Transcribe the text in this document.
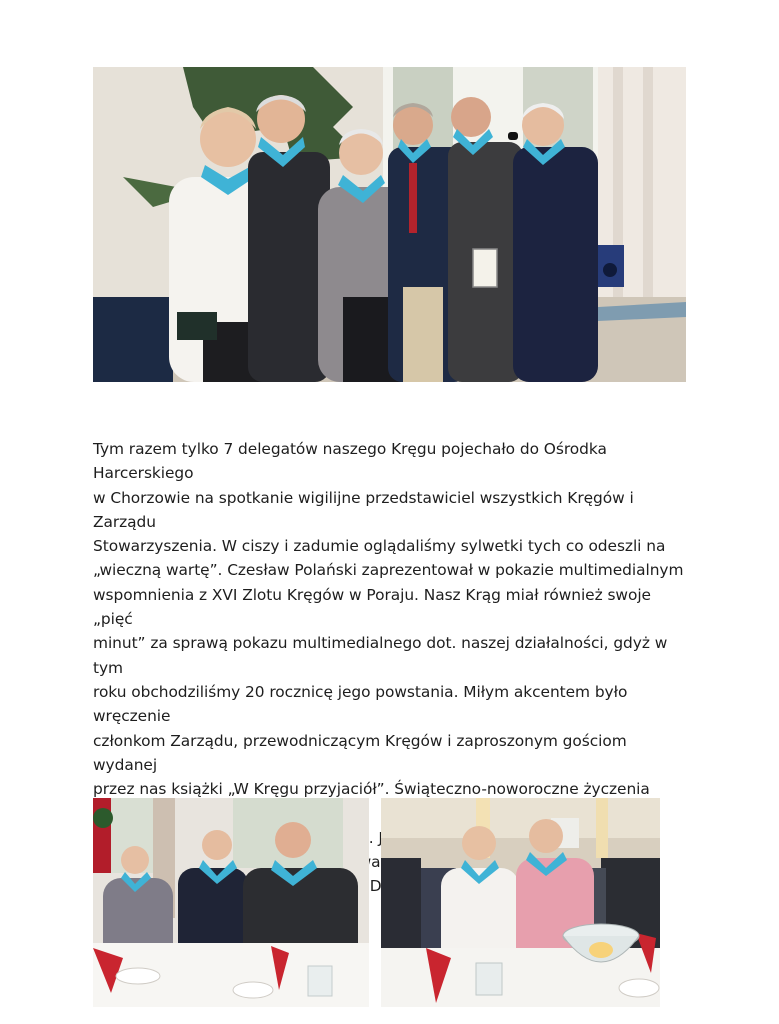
Tym razem tylko 7 delegatów naszego Kręgu pojechało do Ośrodka Harcerskiego
w Chorzowie na spotkanie wigilijne przedstawiciel wszystkich Kręgów i Zarządu
Stowarzyszenia. W ciszy i zadumie oglądaliśmy sylwetki tych co odeszli na
„wieczną wartę”. Czesław Polański zaprezentował w pokazie multimedialnym
wspomnienia z XVI Zlotu Kręgów w Poraju. Nasz Krąg miał również swoje „pięć
minut” za sprawą pokazu multimedialnego dot. naszej działalności, gdyż w tym
roku obchodziliśmy 20 rocznicę jego powstania. Miłym akcentem było wręczenie
członkom Zarządu, przewodniczącym Kręgów i zaproszonym gościom wydanej
przez nas książki „W Kręgu przyjaciół”. Świąteczno-noworoczne życzenia
